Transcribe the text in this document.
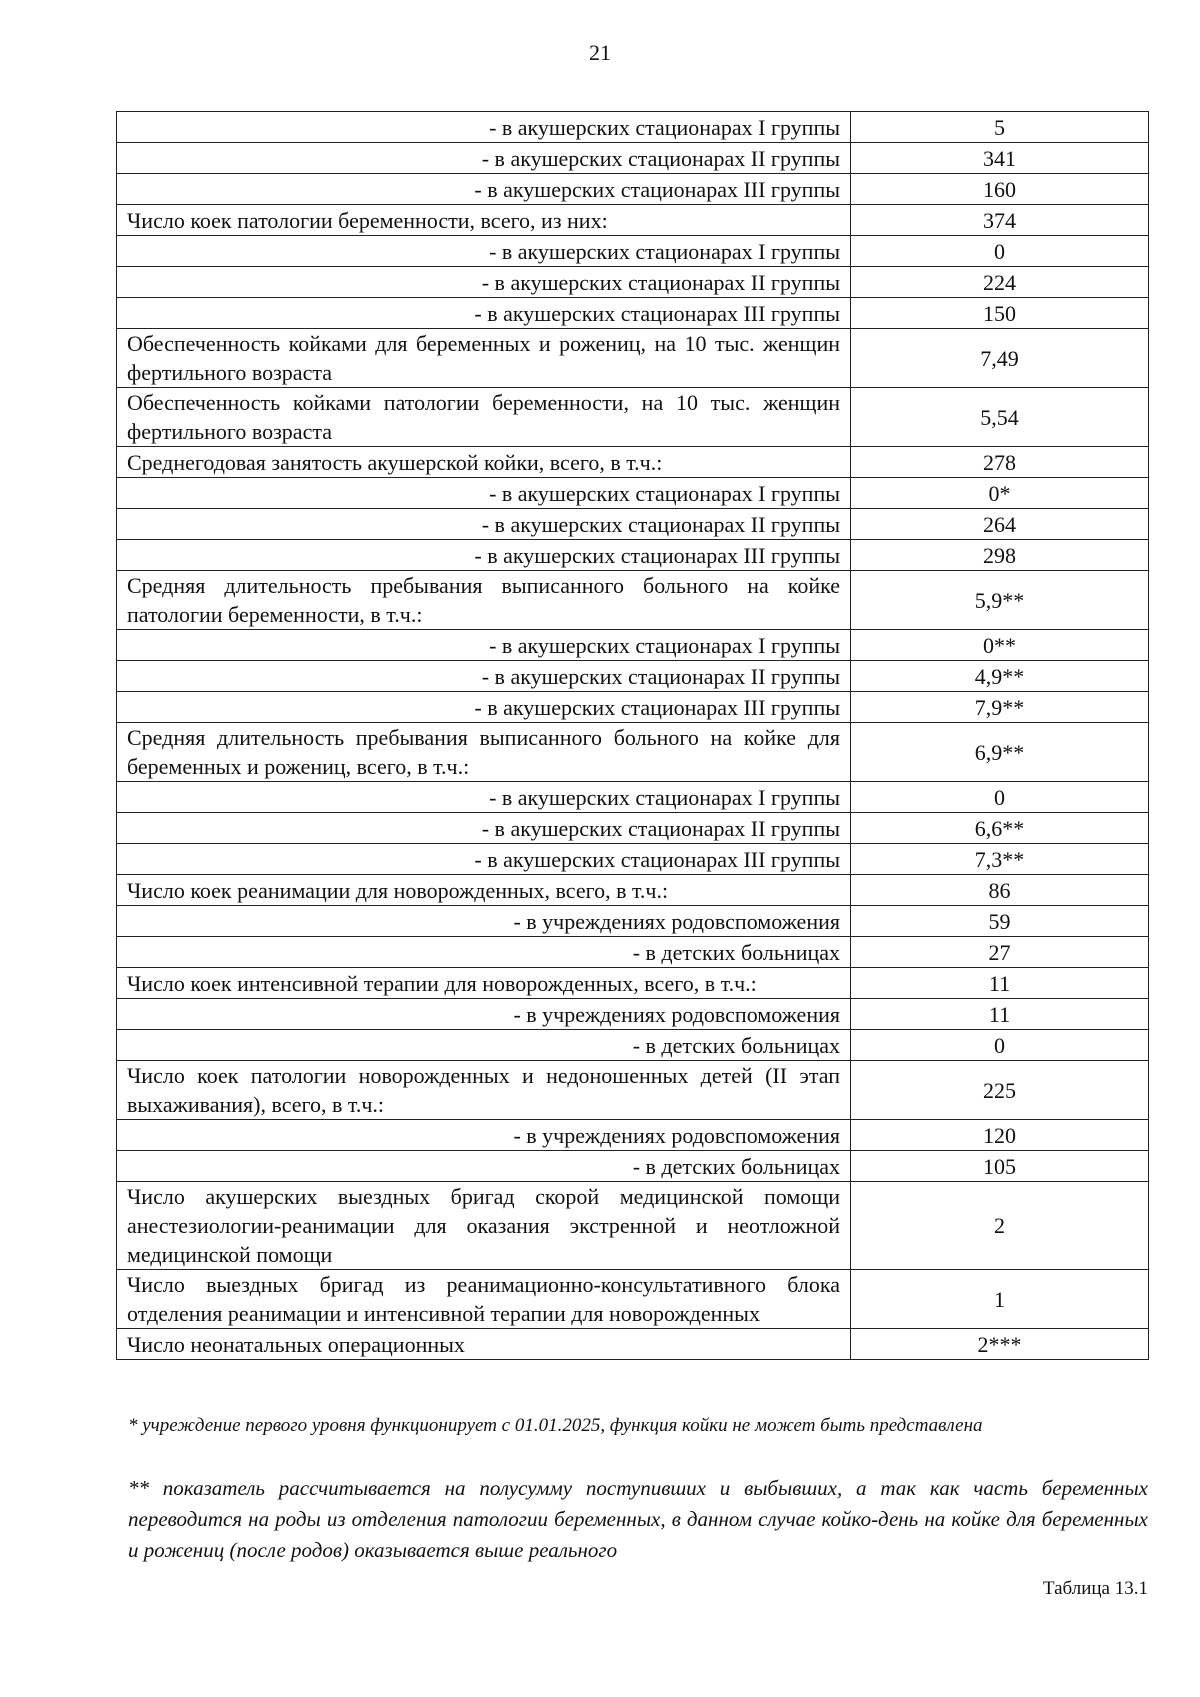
21
- в акушерских стационарах I группы	5
- в акушерских стационарах II группы	341
- в акушерских стационарах III группы	160
Число коек патологии беременности, всего, из них:	374
- в акушерских стационарах I группы	0
- в акушерских стационарах II группы	224
- в акушерских стационарах III группы	150
Обеспеченность койками для беременных и рожениц, на 10 тыс. женщин фертильного возраста	7,49
Обеспеченность койками патологии беременности, на 10 тыс. женщин фертильного возраста	5,54
Среднегодовая занятость акушерской койки, всего, в т.ч.:	278
- в акушерских стационарах I группы	0*
- в акушерских стационарах II группы	264
- в акушерских стационарах III группы	298
Средняя длительность пребывания выписанного больного на койке патологии беременности, в т.ч.:	5,9**
- в акушерских стационарах I группы	0**
- в акушерских стационарах II группы	4,9**
- в акушерских стационарах III группы	7,9**
Средняя длительность пребывания выписанного больного на койке для беременных и рожениц, всего, в т.ч.:	6,9**
- в акушерских стационарах I группы	0
- в акушерских стационарах II группы	6,6**
- в акушерских стационарах III группы	7,3**
Число коек реанимации для новорожденных, всего, в т.ч.:	86
- в учреждениях родовспоможения	59
- в детских больницах	27
Число коек интенсивной терапии для новорожденных, всего, в т.ч.:	11
- в учреждениях родовспоможения	11
- в детских больницах	0
Число коек патологии новорожденных и недоношенных детей (II этап выхаживания), всего, в т.ч.:	225
- в учреждениях родовспоможения	120
- в детских больницах	105
Число акушерских выездных бригад скорой медицинской помощи анестезиологии-реанимации для оказания экстренной и неотложной медицинской помощи	2
Число выездных бригад из реанимационно-консультативного блока отделения реанимации и интенсивной терапии для новорожденных	1
Число неонатальных операционных	2***
* учреждение первого уровня функционирует с 01.01.2025, функция койки не может быть представлена
** показатель рассчитывается на полусумму поступивших и выбывших, а так как часть беременных переводится на роды из отделения патологии беременных, в данном случае койко-день на койке для беременных и рожениц (после родов) оказывается выше реального
Таблица 13.1
